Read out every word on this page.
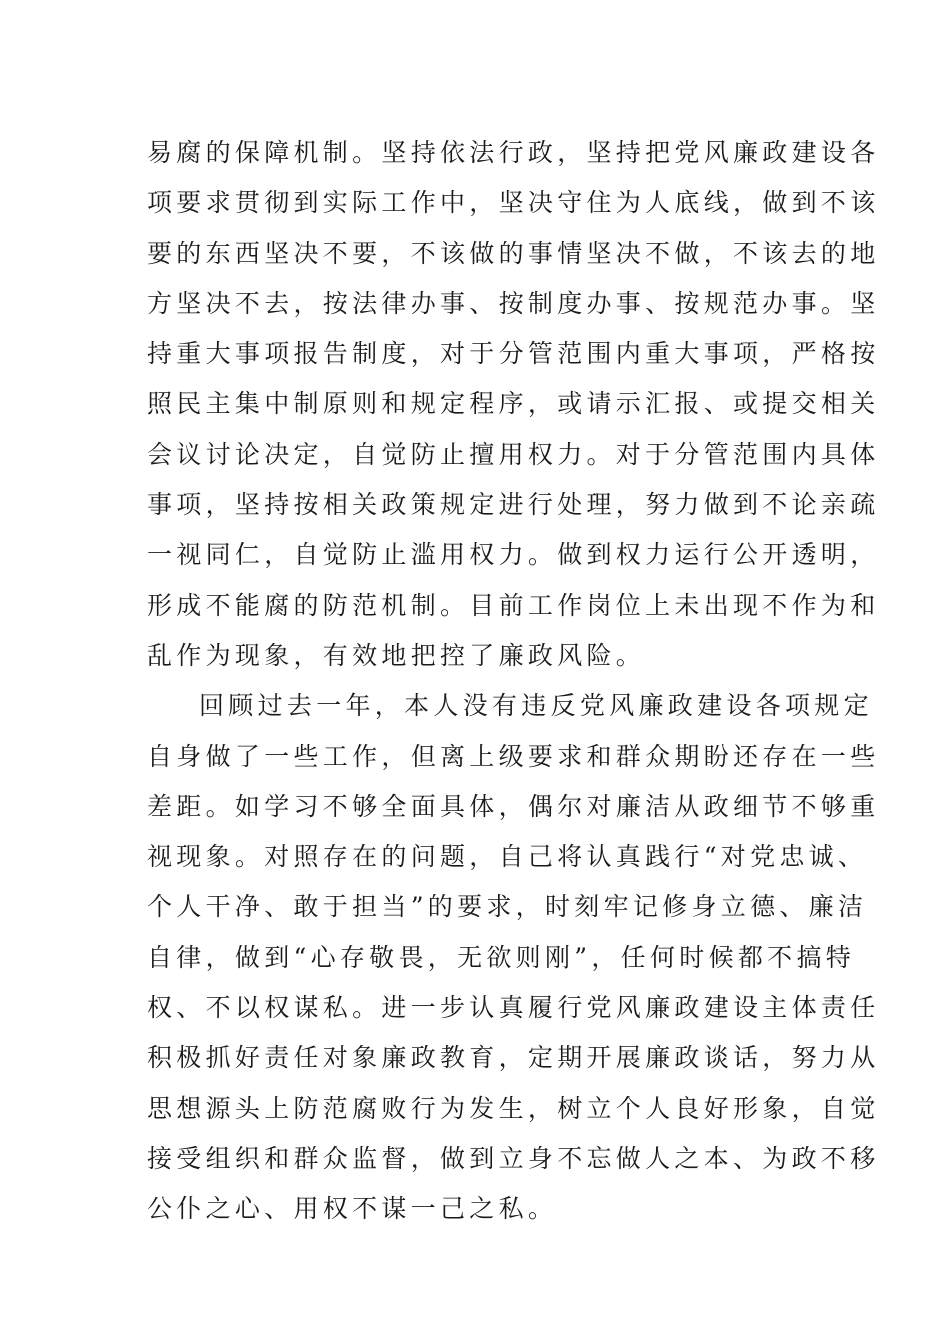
易腐的保障机制。坚持依法行政，坚持把党风廉政建设各
项要求贯彻到实际工作中，坚决守住为人底线，做到不该
要的东西坚决不要，不该做的事情坚决不做，不该去的地
方坚决不去，按法律办事、按制度办事、按规范办事。坚
持重大事项报告制度，对于分管范围内重大事项，严格按
照民主集中制原则和规定程序，或请示汇报、或提交相关
会议讨论决定，自觉防止擅用权力。对于分管范围内具体
事项，坚持按相关政策规定进行处理，努力做到不论亲疏
一视同仁，自觉防止滥用权力。做到权力运行公开透明，
形成不能腐的防范机制。目前工作岗位上未出现不作为和
乱作为现象，有效地把控了廉政风险。
回顾过去一年，本人没有违反党风廉政建设各项规定
自身做了一些工作，但离上级要求和群众期盼还存在一些
差距。如学习不够全面具体，偶尔对廉洁从政细节不够重
视现象。对照存在的问题，自己将认真践行“对党忠诚、
个人干净、敢于担当”的要求，时刻牢记修身立德、廉洁
自律，做到“心存敬畏，无欲则刚”，任何时候都不搞特
权、不以权谋私。进一步认真履行党风廉政建设主体责任
积极抓好责任对象廉政教育，定期开展廉政谈话，努力从
思想源头上防范腐败行为发生，树立个人良好形象，自觉
接受组织和群众监督，做到立身不忘做人之本、为政不移
公仆之心、用权不谋一己之私。
